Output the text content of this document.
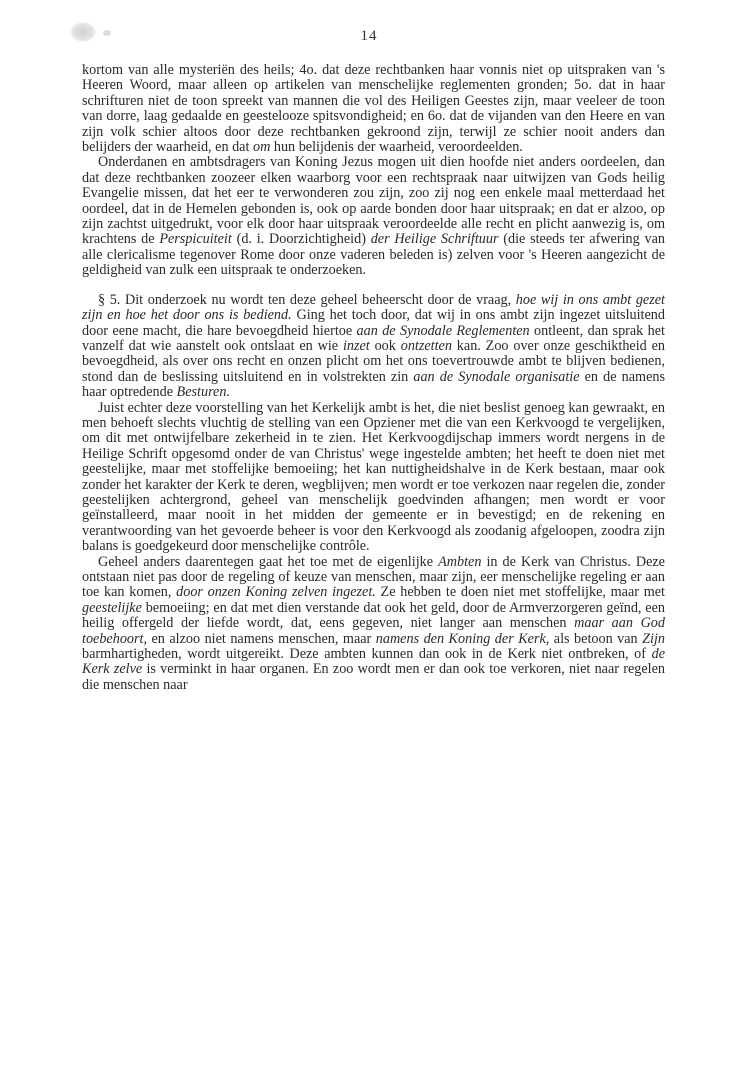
14

kortom van alle mysteriën des heils; 4o. dat deze rechtbanken haar vonnis niet op uitspraken van 's Heeren Woord, maar alleen op artikelen van menschelijke reglementen gronden; 5o. dat in haar schrifturen niet de toon spreekt van mannen die vol des Heiligen Geestes zijn, maar veeleer de toon van dorre, laag gedaalde en geestelooze spitsvondigheid; en 6o. dat de vijanden van den Heere en van zijn volk schier altoos door deze rechtbanken gekroond zijn, terwijl ze schier nooit anders dan belijders der waarheid, en dat om hun belijdenis der waarheid, veroordeelden.

Onderdanen en ambtsdragers van Koning Jezus mogen uit dien hoofde niet anders oordeelen, dan dat deze rechtbanken zoozeer elken waarborg voor een rechtspraak naar uitwijzen van Gods heilig Evangelie missen, dat het eer te verwonderen zou zijn, zoo zij nog een enkele maal metterdaad het oordeel, dat in de Hemelen gebonden is, ook op aarde bonden door haar uitspraak; en dat er alzoo, op zijn zachtst uitgedrukt, voor elk door haar uitspraak veroordeelde alle recht en plicht aanwezig is, om krachtens de Perspicuiteit (d. i. Doorzichtigheid) der Heilige Schriftuur (die steeds ter afwering van alle clericalisme tegenover Rome door onze vaderen beleden is) zelven voor 's Heeren aangezicht de geldigheid van zulk een uitspraak te onderzoeken.

§ 5. Dit onderzoek nu wordt ten deze geheel beheerscht door de vraag, hoe wij in ons ambt gezet zijn en hoe het door ons is bediend. Ging het toch door, dat wij in ons ambt zijn ingezet uitsluitend door eene macht, die hare bevoegdheid hiertoe aan de Synodale Reglementen ontleent, dan sprak het vanzelf dat wie aanstelt ook ontslaat en wie inzet ook ontzetten kan. Zoo over onze geschiktheid en bevoegdheid, als over ons recht en onzen plicht om het ons toevertrouwde ambt te blijven bedienen, stond dan de beslissing uitsluitend en in volstrekten zin aan de Synodale organisatie en de namens haar optredende Besturen.

Juist echter deze voorstelling van het Kerkelijk ambt is het, die niet beslist genoeg kan gewraakt, en men behoeft slechts vluchtig de stelling van een Opziener met die van een Kerkvoogd te vergelijken, om dit met ontwijfelbare zekerheid in te zien. Het Kerkvoogdijschap immers wordt nergens in de Heilige Schrift opgesomd onder de van Christus' wege ingestelde ambten; het heeft te doen niet met geestelijke, maar met stoffelijke bemoeiing; het kan nuttigheidshalve in de Kerk bestaan, maar ook zonder het karakter der Kerk te deren, wegblijven; men wordt er toe verkozen naar regelen die, zonder geestelijken achtergrond, geheel van menschelijk goedvinden afhangen; men wordt er voor geïnstalleerd, maar nooit in het midden der gemeente er in bevestigd; en de rekening en verantwoording van het gevoerde beheer is voor den Kerkvoogd als zoodanig afgeloopen, zoodra zijn balans is goedgekeurd door menschelijke contrôle.

Geheel anders daarentegen gaat het toe met de eigenlijke Ambten in de Kerk van Christus. Deze ontstaan niet pas door de regeling of keuze van menschen, maar zijn, eer menschelijke regeling er aan toe kan komen, door onzen Koning zelven ingezet. Ze hebben te doen niet met stoffelijke, maar met geestelijke bemoeiing; en dat met dien verstande dat ook het geld, door de Armverzorgeren geïnd, een heilig offergeld der liefde wordt, dat, eens gegeven, niet langer aan menschen maar aan God toebehoort, en alzoo niet namens menschen, maar namens den Koning der Kerk, als betoon van Zijn barmhartigheden, wordt uitgereikt. Deze ambten kunnen dan ook in de Kerk niet ontbreken, of de Kerk zelve is verminkt in haar organen. En zoo wordt men er dan ook toe verkoren, niet naar regelen die menschen naar
